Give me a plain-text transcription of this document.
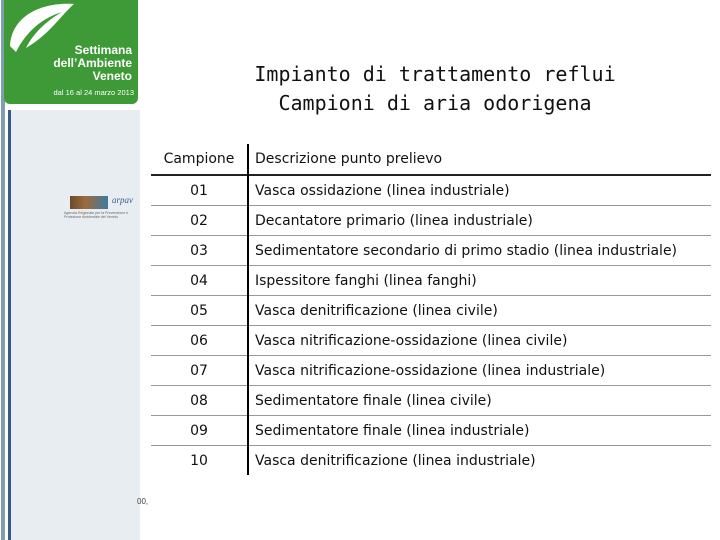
Settimana
dell’Ambiente
Veneto
dal 16 al 24 marzo 2013
arpav
Agenzia Regionale per la Prevenzione e Protezione Ambientale del Veneto
00,
Impianto di trattamento reflui
Campioni di aria odorigena
Campione	Descrizione punto prelievo
01	Vasca ossidazione (linea industriale)
02	Decantatore primario (linea industriale)
03	Sedimentatore secondario di primo stadio (linea industriale)
04	Ispessitore fanghi (linea fanghi)
05	Vasca denitrificazione (linea civile)
06	Vasca nitrificazione-ossidazione (linea civile)
07	Vasca nitrificazione-ossidazione (linea industriale)
08	Sedimentatore finale (linea civile)
09	Sedimentatore finale (linea industriale)
10	Vasca denitrificazione (linea industriale)
